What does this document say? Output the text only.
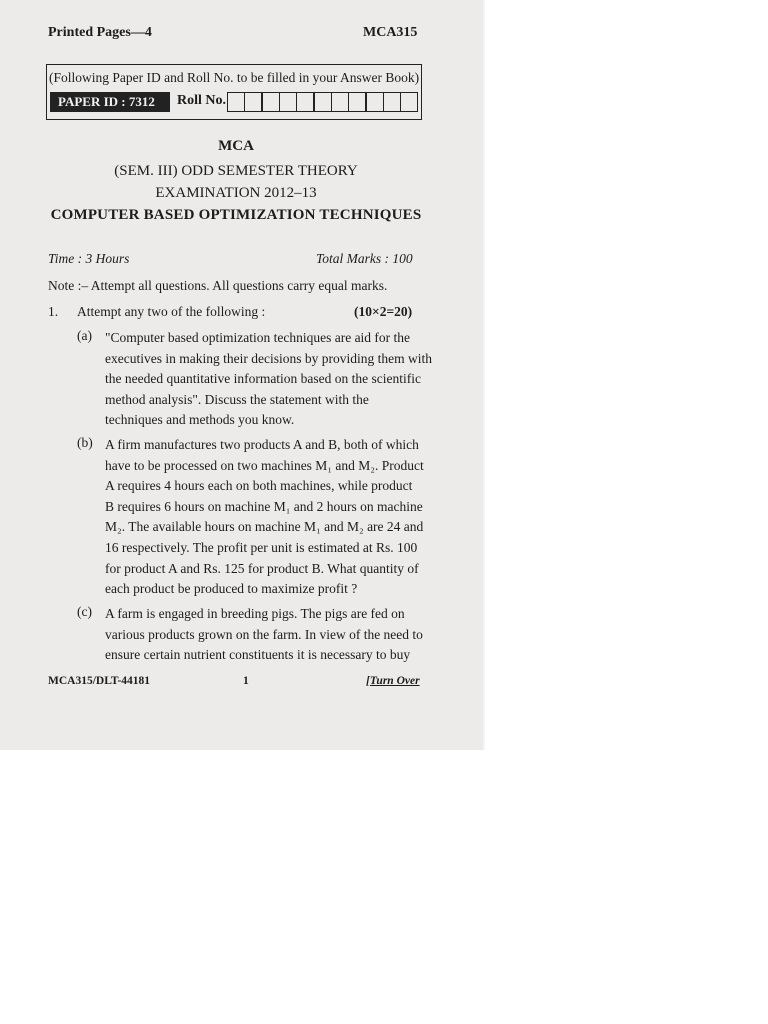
Printed Pages—4	MCA315
(Following Paper ID and Roll No. to be filled in your Answer Book)
PAPER ID : 7312	Roll No.
MCA
(SEM. III) ODD SEMESTER THEORY
EXAMINATION 2012–13
COMPUTER BASED OPTIMIZATION TECHNIQUES
Time : 3 Hours	Total Marks : 100
Note :– Attempt all questions. All questions carry equal marks.
1. Attempt any two of the following :	(10×2=20)
(a) "Computer based optimization techniques are aid for the
executives in making their decisions by providing them with
the needed quantitative information based on the scientific
method analysis". Discuss the statement with the
techniques and methods you know.
(b) A firm manufactures two products A and B, both of which
have to be processed on two machines M₁ and M₂. Product
A requires 4 hours each on both machines, while product
B requires 6 hours on machine M₁ and 2 hours on machine
M₂. The available hours on machine M₁ and M₂ are 24 and
16 respectively. The profit per unit is estimated at Rs. 100
for product A and Rs. 125 for product B. What quantity of
each product be produced to maximize profit ?
(c) A farm is engaged in breeding pigs. The pigs are fed on
various products grown on the farm. In view of the need to
ensure certain nutrient constituents it is necessary to buy
MCA315/DLT-44181	1	[Turn Over
